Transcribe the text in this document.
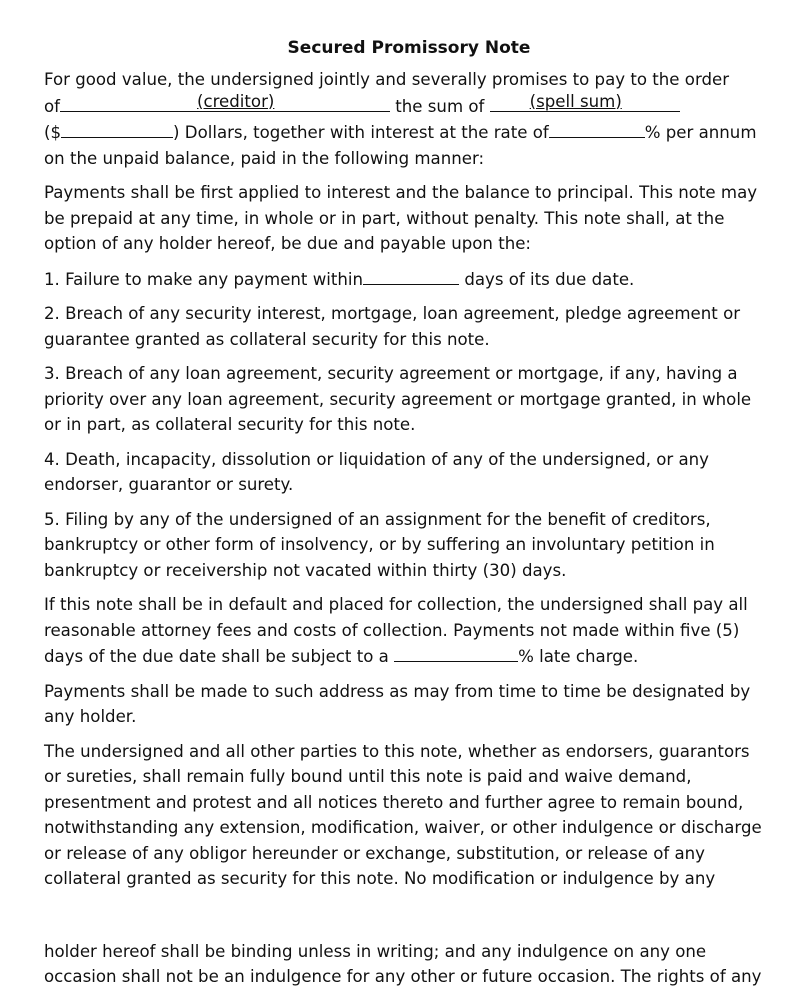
Secured Promissory Note

For good value, the undersigned jointly and severally promises to pay to the order
of	(creditor)	the sum of (spell sum)
($	) Dollars, together with interest at the rate of	% per annum
on the unpaid balance, paid in the following manner:

Payments shall be first applied to interest and the balance to principal. This note may
be prepaid at any time, in whole or in part, without penalty. This note shall, at the
option of any holder hereof, be due and payable upon the:

1. Failure to make any payment within	days of its due date.

2. Breach of any security interest, mortgage, loan agreement, pledge agreement or
guarantee granted as collateral security for this note.

3. Breach of any loan agreement, security agreement or mortgage, if any, having a
priority over any loan agreement, security agreement or mortgage granted, in whole
or in part, as collateral security for this note.

4. Death, incapacity, dissolution or liquidation of any of the undersigned, or any
endorser, guarantor or surety.

5. Filing by any of the undersigned of an assignment for the benefit of creditors,
bankruptcy or other form of insolvency, or by suffering an involuntary petition in
bankruptcy or receivership not vacated within thirty (30) days.

If this note shall be in default and placed for collection, the undersigned shall pay all
reasonable attorney fees and costs of collection. Payments not made within five (5)
days of the due date shall be subject to a	% late charge.

Payments shall be made to such address as may from time to time be designated by
any holder.

The undersigned and all other parties to this note, whether as endorsers, guarantors
or sureties, shall remain fully bound until this note is paid and waive demand,
presentment and protest and all notices thereto and further agree to remain bound,
notwithstanding any extension, modification, waiver, or other indulgence or discharge
or release of any obligor hereunder or exchange, substitution, or release of any
collateral granted as security for this note. No modification or indulgence by any

holder hereof shall be binding unless in writing; and any indulgence on any one
occasion shall not be an indulgence for any other or future occasion. The rights of any
